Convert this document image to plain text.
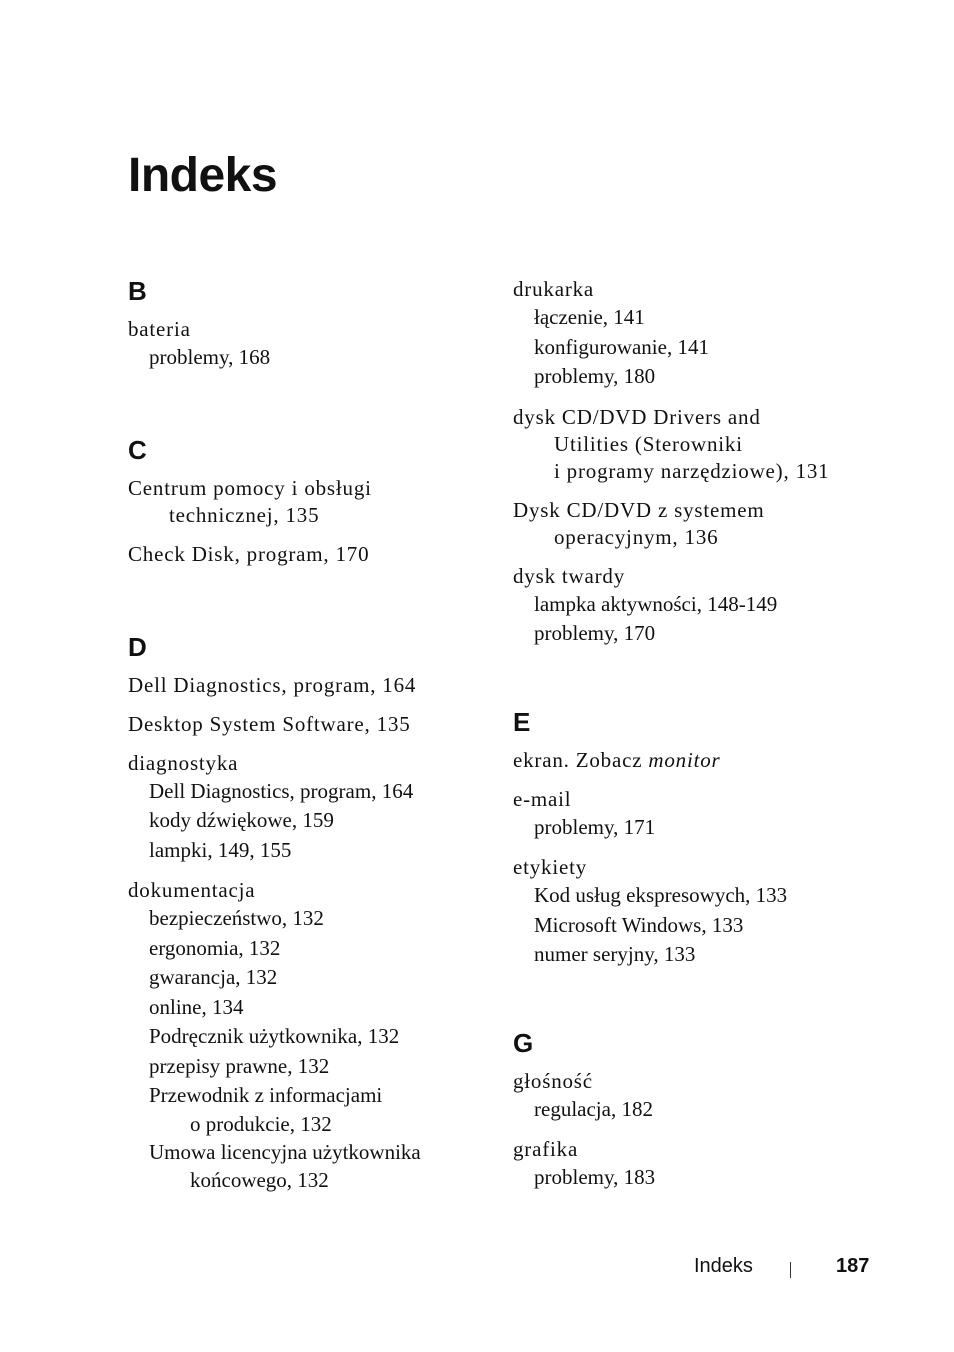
Indeks
B
bateria
problemy, 168
C
Centrum pomocy i obsługi
technicznej, 135
Check Disk, program, 170
D
Dell Diagnostics, program, 164
Desktop System Software, 135
diagnostyka
Dell Diagnostics, program, 164
kody dźwiękowe, 159
lampki, 149, 155
dokumentacja
bezpieczeństwo, 132
ergonomia, 132
gwarancja, 132
online, 134
Podręcznik użytkownika, 132
przepisy prawne, 132
Przewodnik z informacjami
o produkcie, 132
Umowa licencyjna użytkownika
końcowego, 132
drukarka
łączenie, 141
konfigurowanie, 141
problemy, 180
dysk CD/DVD Drivers and
Utilities (Sterowniki
i programy narzędziowe), 131
Dysk CD/DVD z systemem
operacyjnym, 136
dysk twardy
lampka aktywności, 148-149
problemy, 170
E
ekran. Zobacz monitor
e-mail
problemy, 171
etykiety
Kod usług ekspresowych, 133
Microsoft Windows, 133
numer seryjny, 133
G
głośność
regulacja, 182
grafika
problemy, 183
Indeks	187
